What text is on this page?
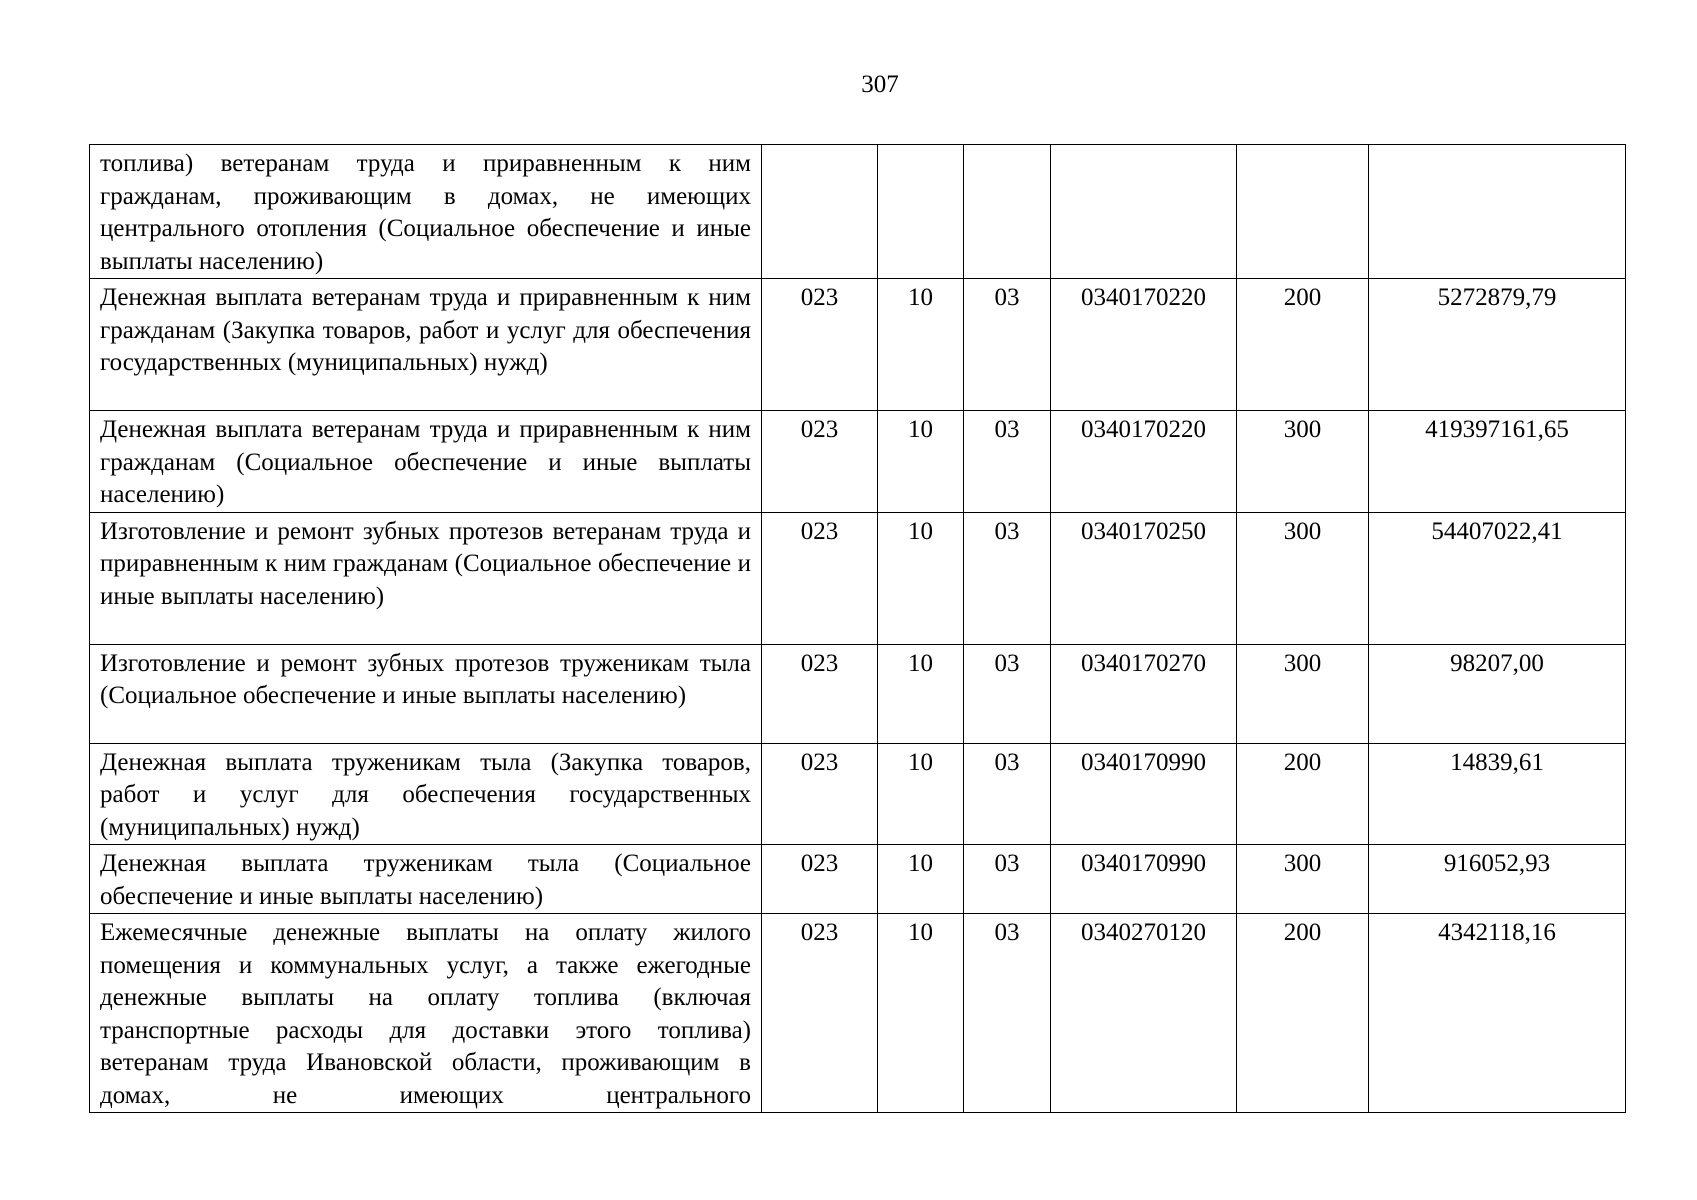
307
топлива) ветеранам труда и приравненным к ним гражданам, проживающим в домах, не имеющих центрального отопления (Социальное обеспечение и иные выплаты населению)						
Денежная выплата ветеранам труда и приравненным к ним гражданам (Закупка товаров, работ и услуг для обеспечения государственных (муниципальных) нужд)	023	10	03	0340170220	200	5272879,79
Денежная выплата ветеранам труда и приравненным к ним гражданам (Социальное обеспечение и иные выплаты населению)	023	10	03	0340170220	300	419397161,65
Изготовление и ремонт зубных протезов ветеранам труда и приравненным к ним гражданам (Социальное обеспечение и иные выплаты населению)	023	10	03	0340170250	300	54407022,41
Изготовление и ремонт зубных протезов труженикам тыла (Социальное обеспечение и иные выплаты населению)	023	10	03	0340170270	300	98207,00
Денежная выплата труженикам тыла (Закупка товаров, работ и услуг для обеспечения государственных (муниципальных) нужд)	023	10	03	0340170990	200	14839,61
Денежная выплата труженикам тыла (Социальное обеспечение и иные выплаты населению)	023	10	03	0340170990	300	916052,93
Ежемесячные денежные выплаты на оплату жилого помещения и коммунальных услуг, а также ежегодные денежные выплаты на оплату топлива (включая транспортные расходы для доставки этого топлива) ветеранам труда Ивановской области, проживающим в домах, не имеющих центрального	023	10	03	0340270120	200	4342118,16
